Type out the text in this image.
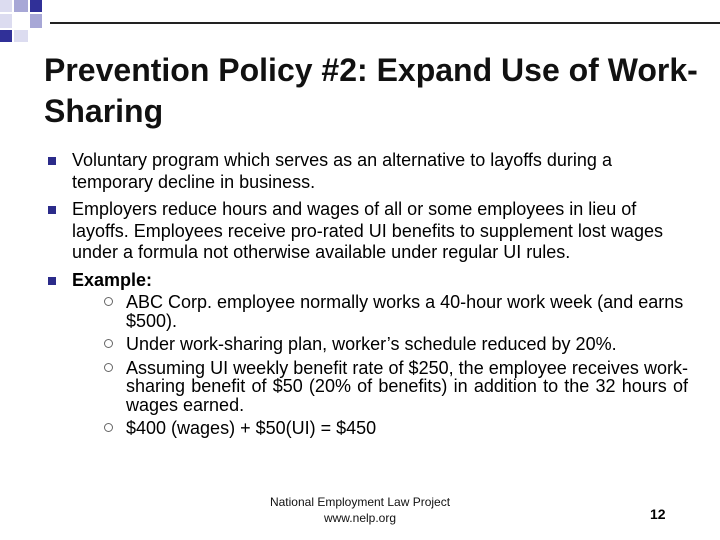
Prevention Policy #2: Expand Use of Work-Sharing
Voluntary program which serves as an alternative to layoffs during a temporary decline in business.
Employers reduce hours and wages of all or some employees in lieu of layoffs. Employees receive pro-rated UI benefits to supplement lost wages under a formula not otherwise available under regular UI rules.
Example:
ABC Corp. employee normally works a 40-hour work week (and earns $500).
Under work-sharing plan, worker’s schedule reduced by 20%.
Assuming UI weekly benefit rate of $250, the employee receives work-sharing benefit of $50 (20% of benefits) in addition to the 32 hours of wages earned.
$400 (wages) + $50(UI) = $450
National Employment Law Project
www.nelp.org	12
